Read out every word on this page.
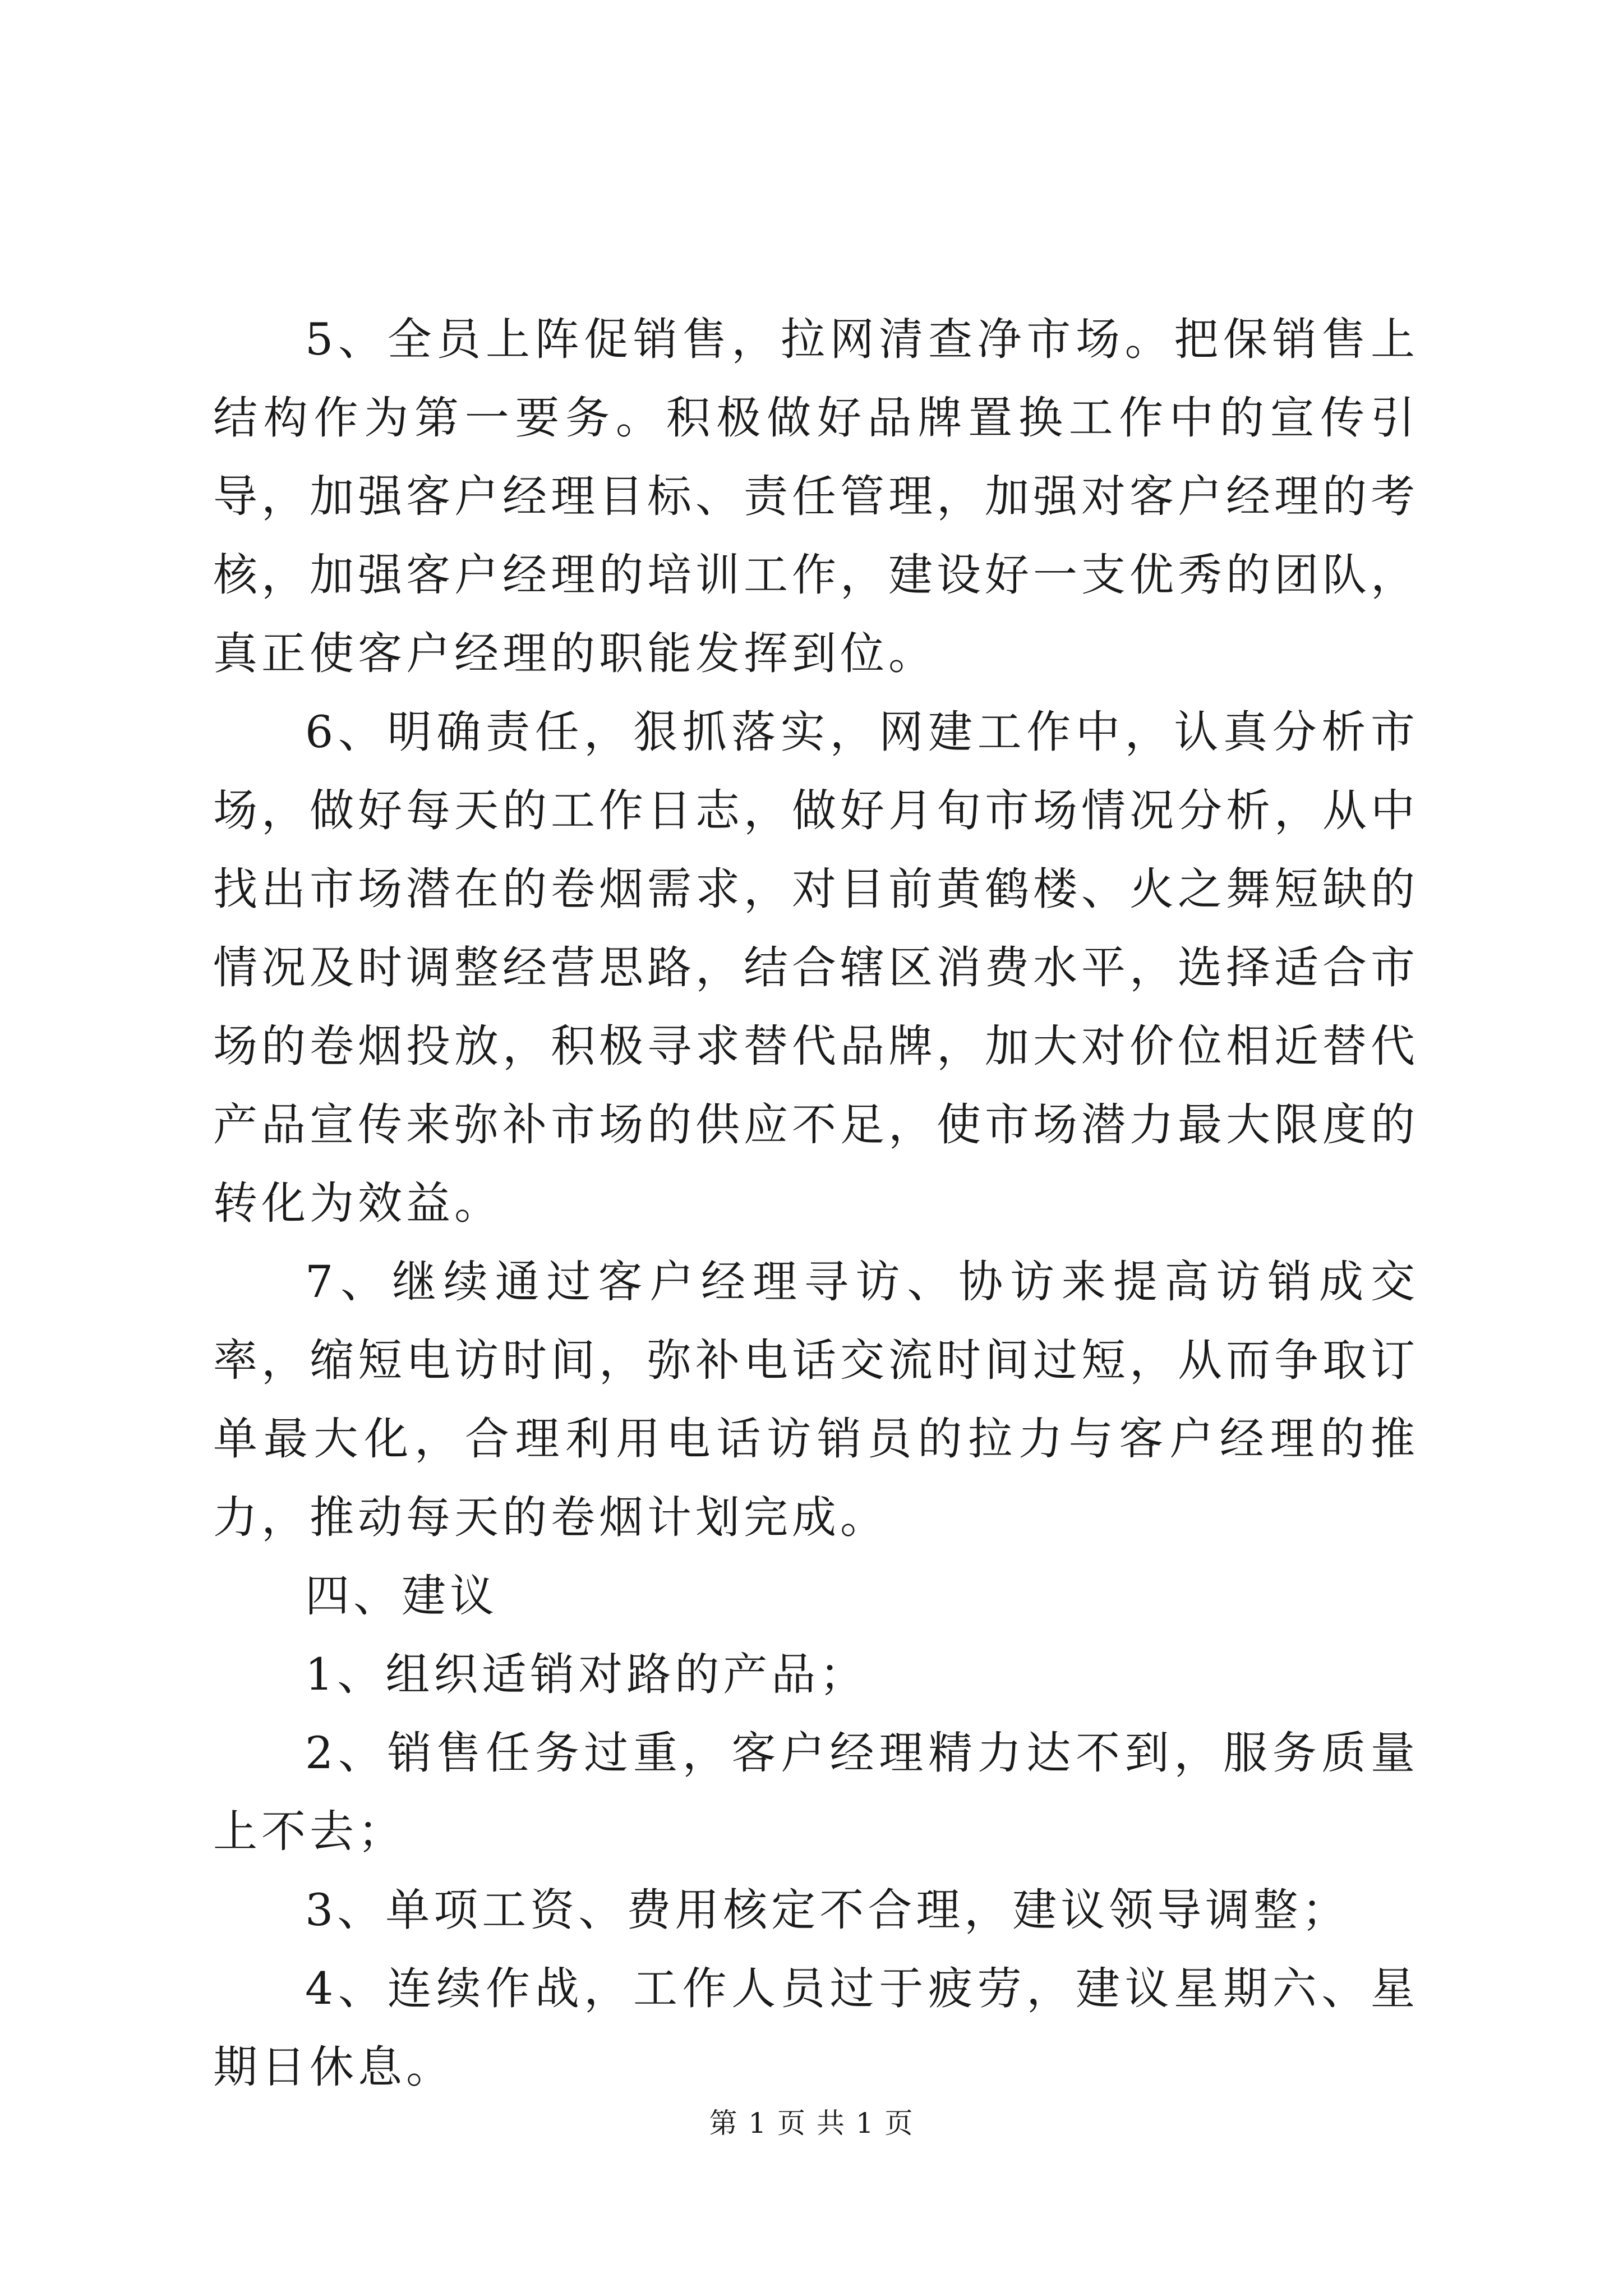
5、全员上阵促销售，拉网清查净市场。把保销售上结构作为第一要务。积极做好品牌置换工作中的宣传引导，加强客户经理目标、责任管理，加强对客户经理的考核，加强客户经理的培训工作，建设好一支优秀的团队，真正使客户经理的职能发挥到位。

6、明确责任，狠抓落实，网建工作中，认真分析市场，做好每天的工作日志，做好月旬市场情况分析，从中找出市场潜在的卷烟需求，对目前黄鹤楼、火之舞短缺的情况及时调整经营思路，结合辖区消费水平，选择适合市场的卷烟投放，积极寻求替代品牌，加大对价位相近替代产品宣传来弥补市场的供应不足，使市场潜力最大限度的转化为效益。

7、继续通过客户经理寻访、协访来提高访销成交率，缩短电访时间，弥补电话交流时间过短，从而争取订单最大化，合理利用电话访销员的拉力与客户经理的推力，推动每天的卷烟计划完成。

四、建议

1、组织适销对路的产品；

2、销售任务过重，客户经理精力达不到，服务质量上不去；

3、单项工资、费用核定不合理，建议领导调整；

4、连续作战，工作人员过于疲劳，建议星期六、星期日休息。

第 1 页 共 1 页
